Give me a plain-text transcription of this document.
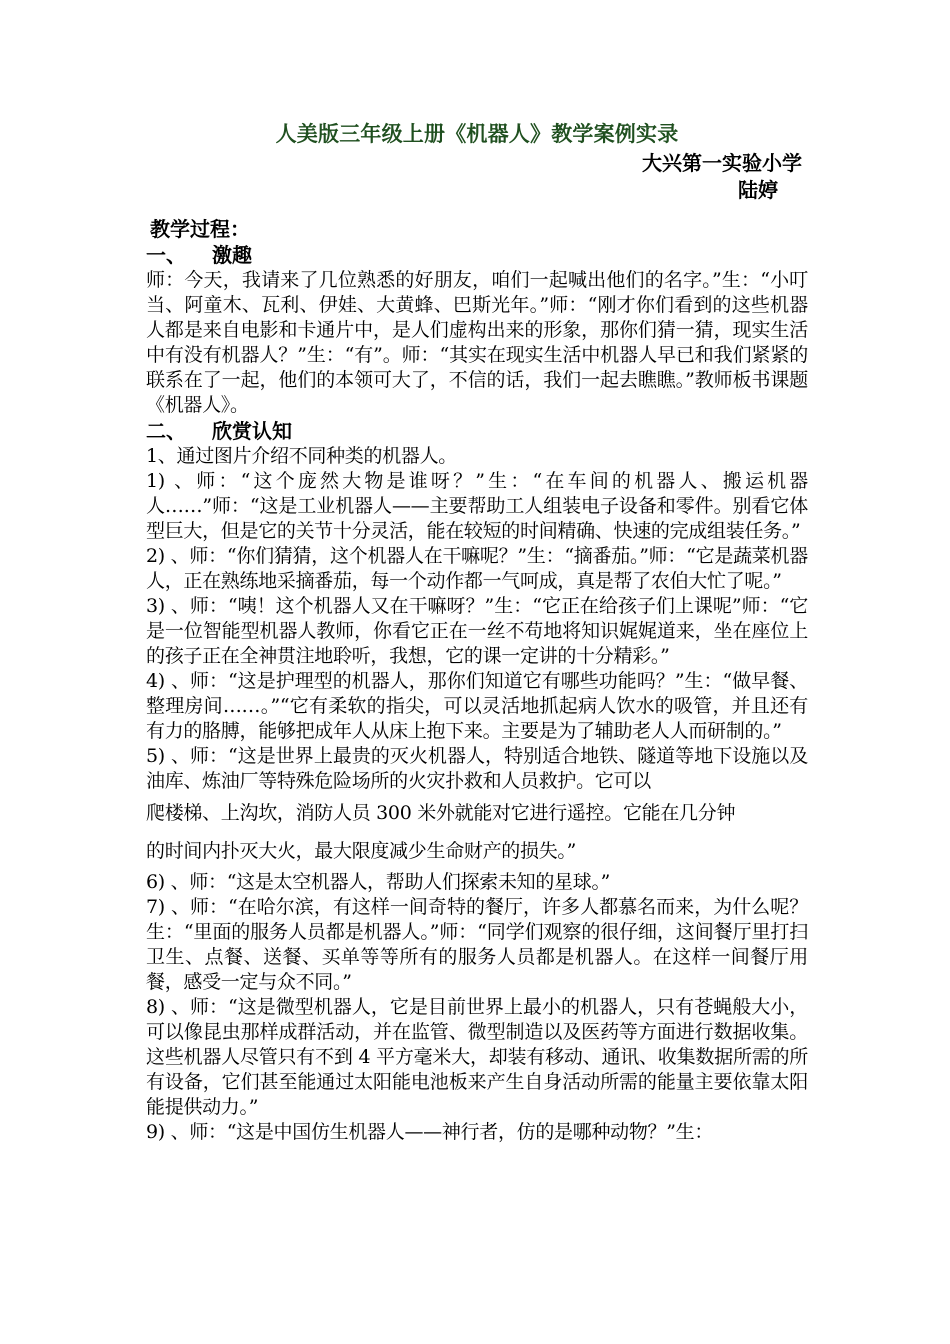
人美版三年级上册《机器人》教学案例实录
大兴第一实验小学
陆婷
教学过程：
一、 激趣

师：今天，我请来了几位熟悉的好朋友，咱们一起喊出他们的名字。”生：“小叮当、阿童木、瓦利、伊娃、大黄蜂、巴斯光年。”师：“刚才你们看到的这些机器人都是来自电影和卡通片中，是人们虚构出来的形象，那你们猜一猜，现实生活中有没有机器人？”生：“有”。师：“其实在现实生活中机器人早已和我们紧紧的联系在了一起，他们的本领可大了，不信的话，我们一起去瞧瞧。”教师板书课题《机器人》。

二、 欣赏认知

1、通过图片介绍不同种类的机器人。

1) 、师：“这个庞然大物是谁呀？”生：“在车间的机器人、搬运机器人……”师：“这是工业机器人——主要帮助工人组装电子设备和零件。别看它体型巨大，但是它的关节十分灵活，能在较短的时间精确、快速的完成组装任务。”

2) 、师：“你们猜猜，这个机器人在干嘛呢？”生：“摘番茄。”师：“它是蔬菜机器人，正在熟练地采摘番茄，每一个动作都一气呵成，真是帮了农伯大忙了呢。”

3) 、师：“咦！这个机器人又在干嘛呀？”生：“它正在给孩子们上课呢”师：“它是一位智能型机器人教师，你看它正在一丝不苟地将知识娓娓道来，坐在座位上的孩子正在全神贯注地聆听，我想，它的课一定讲的十分精彩。”

4) 、师：“这是护理型的机器人，那你们知道它有哪些功能吗？”生：“做早餐、整理房间……。”“它有柔软的指尖，可以灵活地抓起病人饮水的吸管，并且还有有力的胳膊，能够把成年人从床上抱下来。主要是为了辅助老人人而研制的。”

5) 、师：“这是世界上最贵的灭火机器人，特别适合地铁、隧道等地下设施以及油库、炼油厂等特殊危险场所的火灾扑救和人员救护。它可以

爬楼梯、上沟坎，消防人员 300 米外就能对它进行遥控。它能在几分钟

的时间内扑灭大火，最大限度减少生命财产的损失。”

6) 、师：“这是太空机器人，帮助人们探索未知的星球。”

7) 、师：“在哈尔滨，有这样一间奇特的餐厅，许多人都慕名而来，为什么呢？生：“里面的服务人员都是机器人。”师：“同学们观察的很仔细，这间餐厅里打扫卫生、点餐、送餐、买单等等所有的服务人员都是机器人。在这样一间餐厅用餐，感受一定与众不同。”

8) 、师：“这是微型机器人，它是目前世界上最小的机器人，只有苍蝇般大小，可以像昆虫那样成群活动，并在监管、微型制造以及医药等方面进行数据收集。这些机器人尽管只有不到 4 平方毫米大，却装有移动、通讯、收集数据所需的所有设备，它们甚至能通过太阳能电池板来产生自身活动所需的能量主要依靠太阳能提供动力。”

9) 、师：“这是中国仿生机器人——神行者，仿的是哪种动物？”生：
